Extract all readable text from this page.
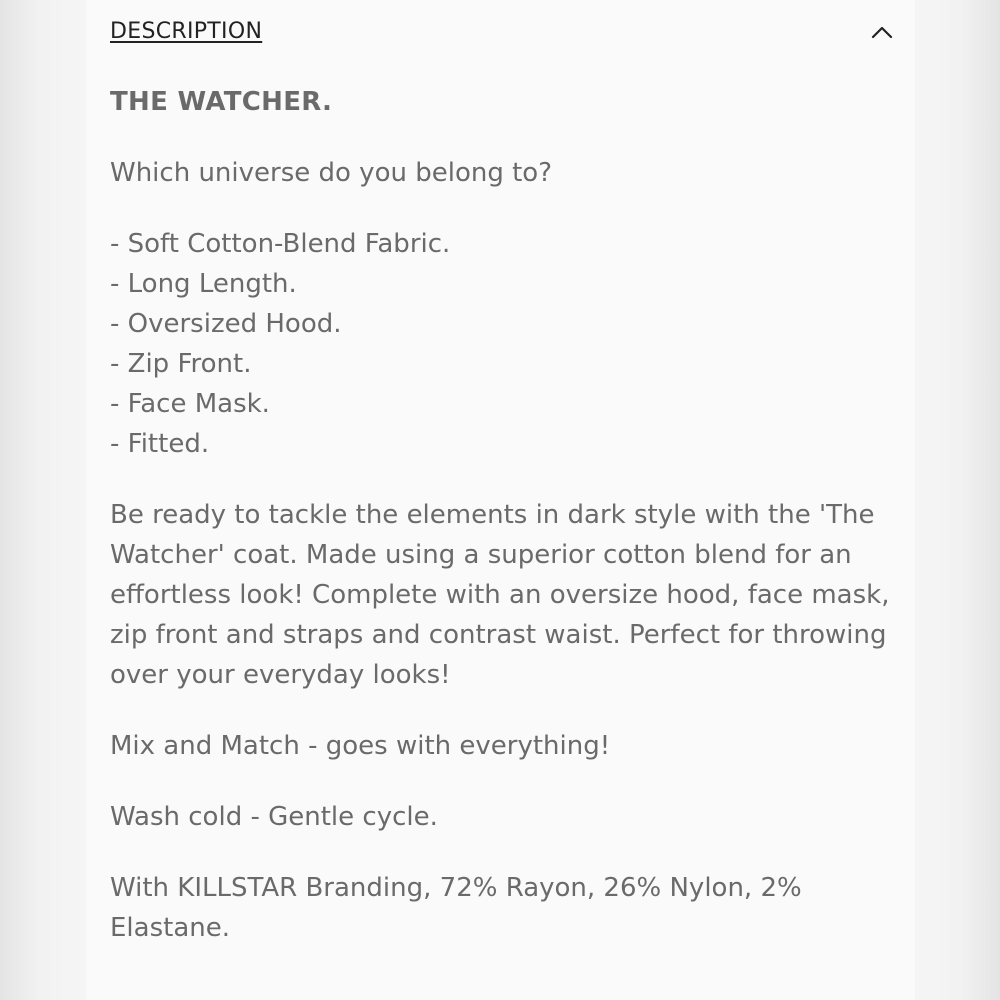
DESCRIPTION

THE WATCHER.

Which universe do you belong to?

- Soft Cotton-Blend Fabric.
- Long Length.
- Oversized Hood.
- Zip Front.
- Face Mask.
- Fitted.

Be ready to tackle the elements in dark style with the 'The Watcher' coat. Made using a superior cotton blend for an effortless look! Complete with an oversize hood, face mask, zip front and straps and contrast waist. Perfect for throwing over your everyday looks!

Mix and Match - goes with everything!

Wash cold - Gentle cycle.

With KILLSTAR Branding, 72% Rayon, 26% Nylon, 2% Elastane.
